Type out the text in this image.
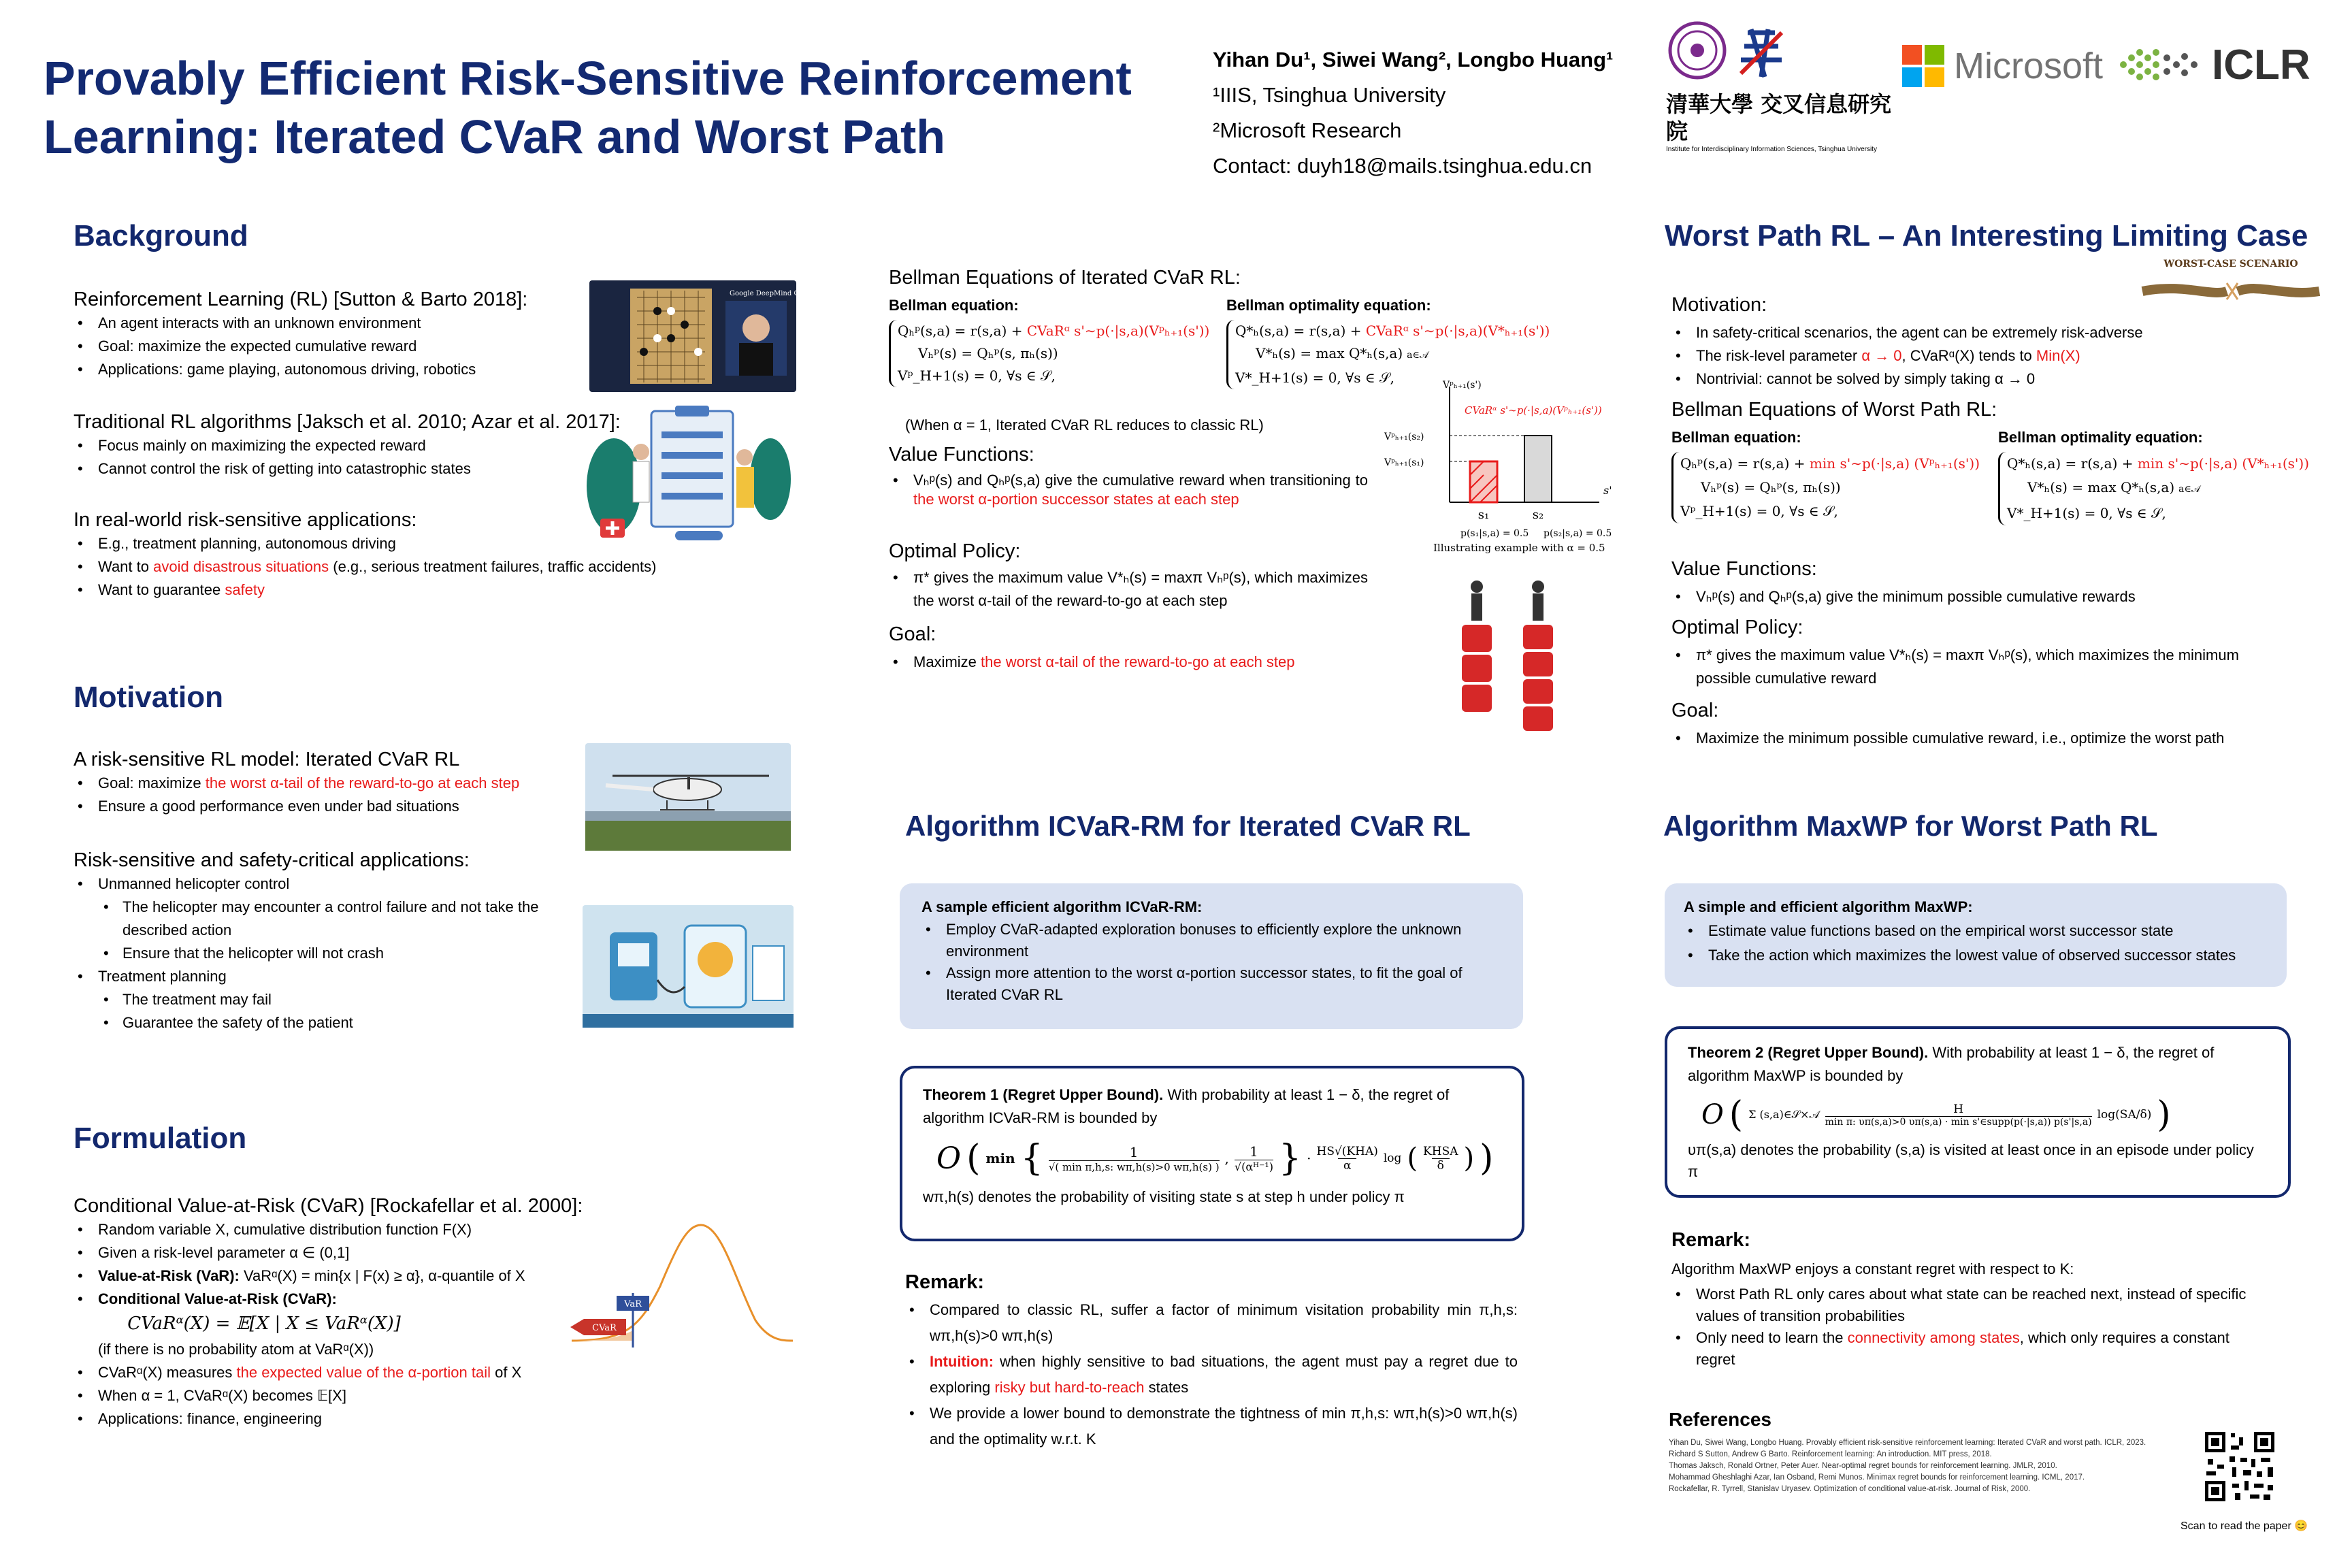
Provably Efficient Risk-Sensitive Reinforcement Learning: Iterated CVaR and Worst Path
Yihan Du¹, Siwei Wang², Longbo Huang¹
¹IIIS, Tsinghua University
²Microsoft Research
Contact: duyh18@mails.tsinghua.edu.cn
清華大學 交叉信息研究院
Institute for Interdisciplinary Information Sciences, Tsinghua University
Microsoft	ICLR
Background
Reinforcement Learning (RL) [Sutton & Barto 2018]:
• An agent interacts with an unknown environment
• Goal: maximize the expected cumulative reward
• Applications: game playing, autonomous driving, robotics
Google DeepMind Challenge Match
Traditional RL algorithms [Jaksch et al. 2010; Azar et al. 2017]:
• Focus mainly on maximizing the expected reward
• Cannot control the risk of getting into catastrophic states
In real-world risk-sensitive applications:
• E.g., treatment planning, autonomous driving
• Want to avoid disastrous situations (e.g., serious treatment failures, traffic accidents)
• Want to guarantee safety
Motivation
A risk-sensitive RL model: Iterated CVaR RL
• Goal: maximize the worst α-tail of the reward-to-go at each step
• Ensure a good performance even under bad situations
Risk-sensitive and safety-critical applications:
• Unmanned helicopter control
• The helicopter may encounter a control failure and not take the described action
• Ensure that the helicopter will not crash
• Treatment planning
• The treatment may fail
• Guarantee the safety of the patient
Formulation
Conditional Value-at-Risk (CVaR) [Rockafellar et al. 2000]:
• Random variable X, cumulative distribution function F(X)
• Given a risk-level parameter α ∈ (0,1]
• Value-at-Risk (VaR): VaRᵅ(X) = min{x | F(x) ≥ α}, α-quantile of X
• Conditional Value-at-Risk (CVaR):
CVaRᵅ(X) = 𝔼[X | X ≤ VaRᵅ(X)]
(if there is no probability atom at VaRᵅ(X))
• CVaRᵅ(X) measures the expected value of the α-portion tail of X
• When α = 1, CVaRᵅ(X) becomes 𝔼[X]
• Applications: finance, engineering
VaR
CVaR
Bellman Equations of Iterated CVaR RL:
Bellman equation:
Qₕᵖ(s,a) = r(s,a) + CVaRᵅ s'∼p(·|s,a)(Vᵖₕ₊₁(s'))
Vₕᵖ(s) = Qₕᵖ(s, πₕ(s))
Vᵖ_H+1(s) = 0, ∀s ∈ 𝒮,
Bellman optimality equation:
Q*ₕ(s,a) = r(s,a) + CVaRᵅ s'∼p(·|s,a)(V*ₕ₊₁(s'))
V*ₕ(s) = max Q*ₕ(s,a) a∈𝒜
V*_H+1(s) = 0, ∀s ∈ 𝒮,
(When α = 1, Iterated CVaR RL reduces to classic RL)
Vᵖₕ₊₁(s')
CVaRᵅ s'∼p(·|s,a)(Vᵖₕ₊₁(s'))
Vᵖₕ₊₁(s₂)
Vᵖₕ₊₁(s₁)
s₁	s₂
s'
p(s₁|s,a) = 0.5 p(s₂|s,a) = 0.5
Illustrating example with α = 0.5
Value Functions:
• Vₕᵖ(s) and Qₕᵖ(s,a) give the cumulative reward when transitioning to the worst α-portion successor states at each step
Optimal Policy:
• π* gives the maximum value V*ₕ(s) = maxπ Vₕᵖ(s), which maximizes the worst α-tail of the reward-to-go at each step
Goal:
• Maximize the worst α-tail of the reward-to-go at each step
Algorithm ICVaR-RM for Iterated CVaR RL
A sample efficient algorithm ICVaR-RM:
• Employ CVaR-adapted exploration bonuses to efficiently explore the unknown environment
• Assign more attention to the worst α-portion successor states, to fit the goal of Iterated CVaR RL
Theorem 1 (Regret Upper Bound). With probability at least 1 − δ, the regret of algorithm ICVaR-RM is bounded by
O ( min {	1
√( min π,h,s: wπ,h(s)>0 wπ,h(s) )
, 1
√(αᴴ⁻¹) } · HS√(KHA)
α
log ( KHSA
δ ) )
wπ,h(s) denotes the probability of visiting state s at step h under policy π
Remark:
• Compared to classic RL, suffer a factor of minimum visitation probability min π,h,s: wπ,h(s)>0 wπ,h(s)
• Intuition: when highly sensitive to bad situations, the agent must pay a regret due to exploring risky but hard-to-reach states
• We provide a lower bound to demonstrate the tightness of min π,h,s: wπ,h(s)>0 wπ,h(s) and the optimality w.r.t. K
Worst Path RL – An Interesting Limiting Case
WORST-CASE SCENARIO
Motivation:
• In safety-critical scenarios, the agent can be extremely risk-adverse
• The risk-level parameter α → 0, CVaRᵅ(X) tends to Min(X)
• Nontrivial: cannot be solved by simply taking α → 0
Bellman Equations of Worst Path RL:
Bellman equation:
Qₕᵖ(s,a) = r(s,a) + min s'∼p(·|s,a) (Vᵖₕ₊₁(s'))
Vₕᵖ(s) = Qₕᵖ(s, πₕ(s))
Vᵖ_H+1(s) = 0, ∀s ∈ 𝒮,
Bellman optimality equation:
Q*ₕ(s,a) = r(s,a) + min s'∼p(·|s,a) (V*ₕ₊₁(s'))
V*ₕ(s) = max Q*ₕ(s,a) a∈𝒜
V*_H+1(s) = 0, ∀s ∈ 𝒮,
Value Functions:
• Vₕᵖ(s) and Qₕᵖ(s,a) give the minimum possible cumulative rewards
Optimal Policy:
• π* gives the maximum value V*ₕ(s) = maxπ Vₕᵖ(s), which maximizes the minimum possible cumulative reward
Goal:
• Maximize the minimum possible cumulative reward, i.e., optimize the worst path
Algorithm MaxWP for Worst Path RL
A simple and efficient algorithm MaxWP:
• Estimate value functions based on the empirical worst successor state
• Take the action which maximizes the lowest value of observed successor states
Theorem 2 (Regret Upper Bound). With probability at least 1 − δ, the regret of algorithm MaxWP is bounded by
O ( Σ (s,a)∈𝒮×𝒜	H
min π: υπ(s,a)>0 υπ(s,a) · min s'∈supp(p(·|s,a)) p(s'|s,a)
log(SA/δ) )
υπ(s,a) denotes the probability (s,a) is visited at least once in an episode under policy π
Remark:
Algorithm MaxWP enjoys a constant regret with respect to K:
• Worst Path RL only cares about what state can be reached next, instead of specific values of transition probabilities
• Only need to learn the connectivity among states, which only requires a constant regret
References
Yihan Du, Siwei Wang, Longbo Huang. Provably efficient risk-sensitive reinforcement learning: Iterated CVaR and worst path. ICLR, 2023.
Richard S Sutton, Andrew G Barto. Reinforcement learning: An introduction. MIT press, 2018.
Thomas Jaksch, Ronald Ortner, Peter Auer. Near-optimal regret bounds for reinforcement learning. JMLR, 2010.
Mohammad Gheshlaghi Azar, Ian Osband, Remi Munos. Minimax regret bounds for reinforcement learning. ICML, 2017.
Rockafellar, R. Tyrrell, Stanislav Uryasev. Optimization of conditional value-at-risk. Journal of Risk, 2000.
Scan to read the paper 😊
